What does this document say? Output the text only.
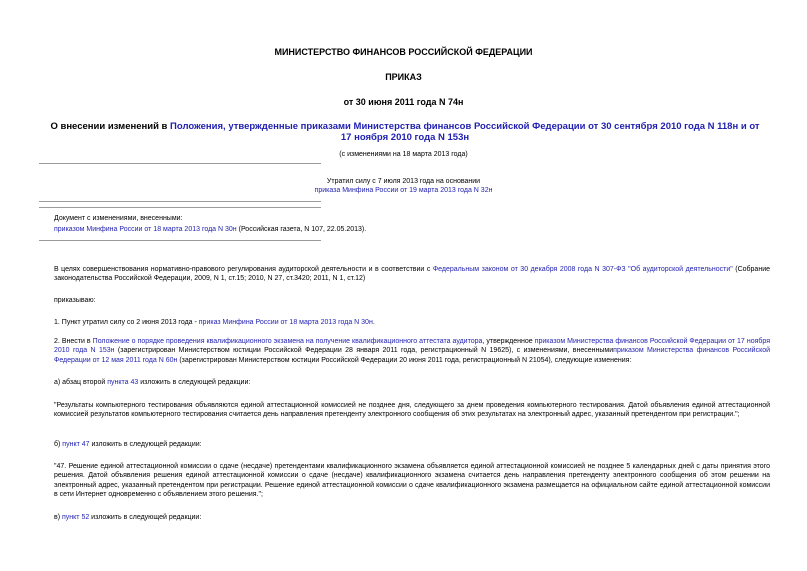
МИНИСТЕРСТВО ФИНАНСОВ РОССИЙСКОЙ ФЕДЕРАЦИИ
ПРИКАЗ
от 30 июня 2011 года N 74н
О внесении изменений в Положения, утвержденные приказами Министерства финансов Российской Федерации от 30 сентября 2010 года N 118н и от 17 ноября 2010 года N 153н
(с изменениями на 18 марта 2013 года)
Утратил силу с 7 июля 2013 года на основании
приказа Минфина России от 19 марта 2013 года N 32н
Документ с изменениями, внесенными:
приказом Минфина России от 18 марта 2013 года N 30н (Российская газета, N 107, 22.05.2013).
В целях совершенствования нормативно-правового регулирования аудиторской деятельности и в соответствии с Федеральным законом от 30 декабря 2008 года N 307-ФЗ "Об аудиторской деятельности" (Собрание законодательства Российской Федерации, 2009, N 1, ст.15; 2010, N 27, ст.3420; 2011, N 1, ст.12)
приказываю:
1. Пункт утратил силу со 2 июня 2013 года - приказ Минфина России от 18 марта 2013 года N 30н.
2. Внести в Положение о порядке проведения квалификационного экзамена на получение квалификационного аттестата аудитора, утвержденное приказом Министерства финансов Российской Федерации от 17 ноября 2010 года N 153н (зарегистрирован Министерством юстиции Российской Федерации 28 января 2011 года, регистрационный N 19625), с изменениями, внесеннымиприказом Министерства финансов Российской Федерации от 12 мая 2011 года N 60н (зарегистрирован Министерством юстиции Российской Федерации 20 июня 2011 года, регистрационный N 21054), следующие изменения:
а) абзац второй пункта 43 изложить в следующей редакции:
"Результаты компьютерного тестирования объявляются единой аттестационной комиссией не позднее дня, следующего за днем проведения компьютерного тестирования. Датой объявления единой аттестационной комиссией результатов компьютерного тестирования считается день направления претенденту электронного сообщения об этих результатах на электронный адрес, указанный претендентом при регистрации.";
б) пункт 47 изложить в следующей редакции:
"47. Решение единой аттестационной комиссии о сдаче (несдаче) претендентами квалификационного экзамена объявляется единой аттестационной комиссией не позднее 5 календарных дней с даты принятия этого решения. Датой объявления решения единой аттестационной комиссии о сдаче (несдаче) квалификационного экзамена считается день направления претенденту электронного сообщения об этом решении на электронный адрес, указанный претендентом при регистрации. Решение единой аттестационной комиссии о сдаче квалификационного экзамена размещается на официальном сайте единой аттестационной комиссии в сети Интернет одновременно с объявлением этого решения.";
в) пункт 52 изложить в следующей редакции:
